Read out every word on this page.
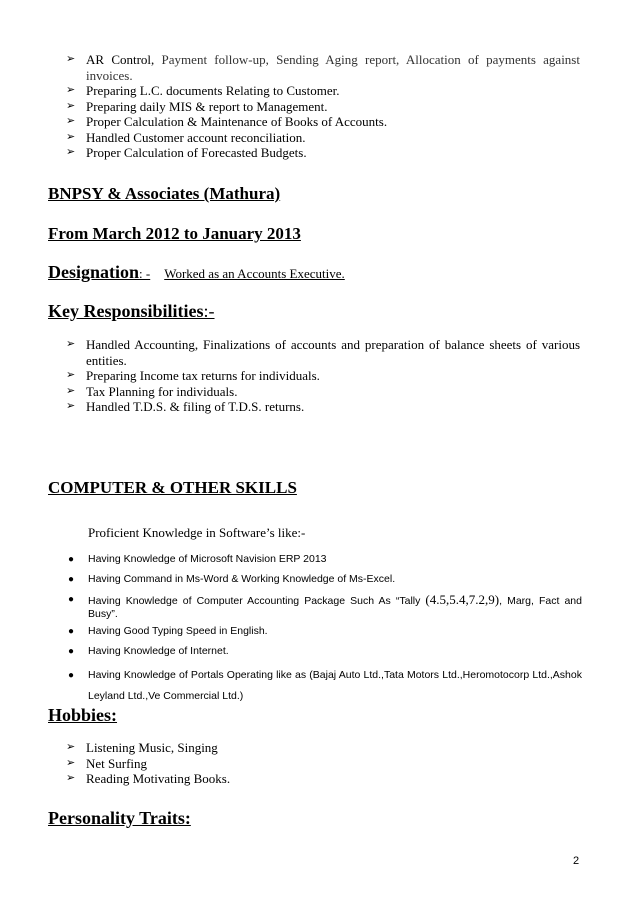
➢ AR Control, Payment follow-up, Sending Aging report, Allocation of payments against invoices.
➢ Preparing L.C. documents Relating to Customer.
➢ Preparing daily MIS & report to Management.
➢ Proper Calculation & Maintenance of Books of Accounts.
➢ Handled Customer account reconciliation.
➢ Proper Calculation of Forecasted Budgets.
BNPSY & Associates (Mathura)
From March 2012 to January 2013
Designation: - Worked as an Accounts Executive.
Key Responsibilities:-
➢ Handled Accounting, Finalizations of accounts and preparation of balance sheets of various entities.
➢ Preparing Income tax returns for individuals.
➢ Tax Planning for individuals.
➢ Handled T.D.S. & filing of T.D.S. returns.
COMPUTER & OTHER SKILLS
Proficient Knowledge in Software’s like:-
● Having Knowledge of Microsoft Navision ERP 2013
● Having Command in Ms-Word & Working Knowledge of Ms-Excel.
● Having Knowledge of Computer Accounting Package Such As “Tally (4.5,5.4,7.2,9), Marg, Fact and Busy”.
● Having Good Typing Speed in English.
● Having Knowledge of Internet.
● Having Knowledge of Portals Operating like as (Bajaj Auto Ltd.,Tata Motors Ltd.,Heromotocorp Ltd.,Ashok Leyland Ltd.,Ve Commercial Ltd.)
Hobbies:
➢ Listening Music, Singing
➢ Net Surfing
➢ Reading Motivating Books.
Personality Traits:
2
